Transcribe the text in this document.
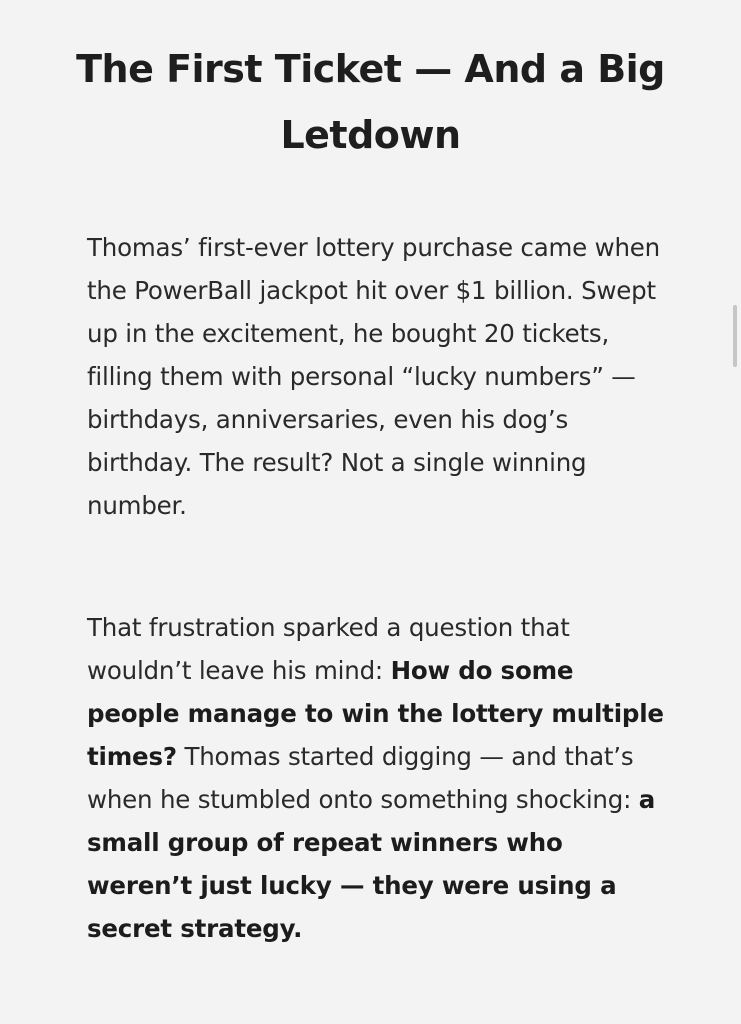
The First Ticket — And a Big Letdown

Thomas’ first-ever lottery purchase came when the PowerBall jackpot hit over $1 billion. Swept up in the excitement, he bought 20 tickets, filling them with personal “lucky numbers” — birthdays, anniversaries, even his dog’s birthday. The result? Not a single winning number.

That frustration sparked a question that wouldn’t leave his mind: How do some people manage to win the lottery multiple times? Thomas started digging — and that’s when he stumbled onto something shocking: a small group of repeat winners who weren’t just lucky — they were using a secret strategy.
